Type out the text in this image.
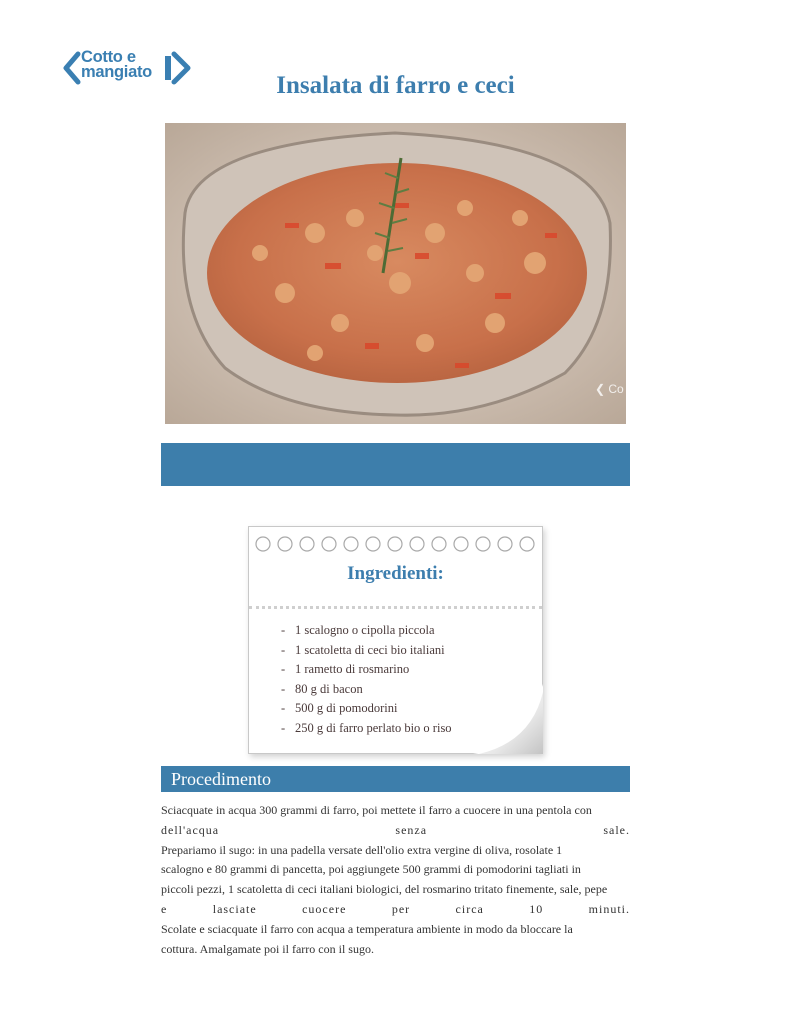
Cotto e
mangiato	Insalata di farro e ceci
❮ Co
Ingredienti:
- 1 scalogno o cipolla piccola
- 1 scatoletta di ceci bio italiani
- 1 rametto di rosmarino
- 80 g di bacon
- 500 g di pomodorini
- 250 g di farro perlato bio o riso
Procedimento
Sciacquate in acqua 300 grammi di farro, poi mettete il farro a cuocere in una pentola con
dell'acqua senza sale.
Prepariamo il sugo: in una padella versate dell'olio extra vergine di oliva, rosolate 1
scalogno e 80 grammi di pancetta, poi aggiungete 500 grammi di pomodorini tagliati in
piccoli pezzi, 1 scatoletta di ceci italiani biologici, del rosmarino tritato finemente, sale, pepe
e lasciate cuocere per circa 10 minuti.
Scolate e sciacquate il farro con acqua a temperatura ambiente in modo da bloccare la
cottura. Amalgamate poi il farro con il sugo.
